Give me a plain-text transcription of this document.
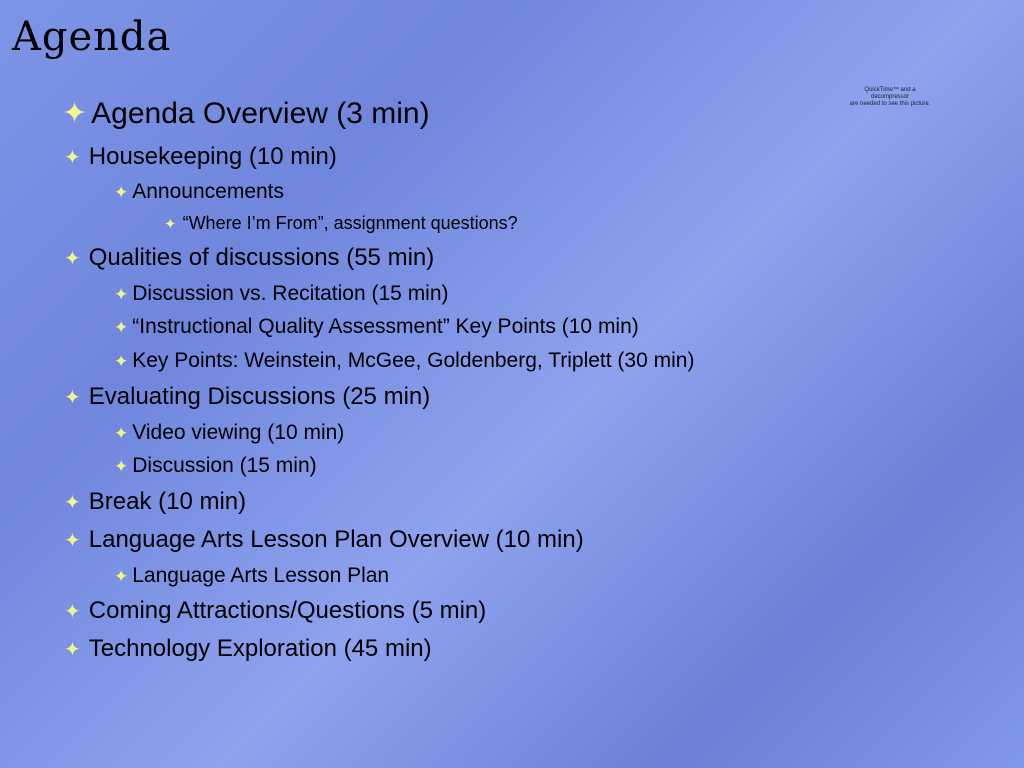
Agenda
QuickTime™ and a
decompressor
are needed to see this picture.
✦ Agenda Overview (3 min)
✦ Housekeeping (10 min)
✦ Announcements
✦ “Where I’m From”, assignment questions?
✦ Qualities of discussions (55 min)
✦ Discussion vs. Recitation (15 min)
✦ “Instructional Quality Assessment” Key Points (10 min)
✦ Key Points: Weinstein, McGee, Goldenberg, Triplett (30 min)
✦ Evaluating Discussions (25 min)
✦ Video viewing (10 min)
✦ Discussion (15 min)
✦ Break (10 min)
✦ Language Arts Lesson Plan Overview (10 min)
✦ Language Arts Lesson Plan
✦ Coming Attractions/Questions (5 min)
✦ Technology Exploration (45 min)
